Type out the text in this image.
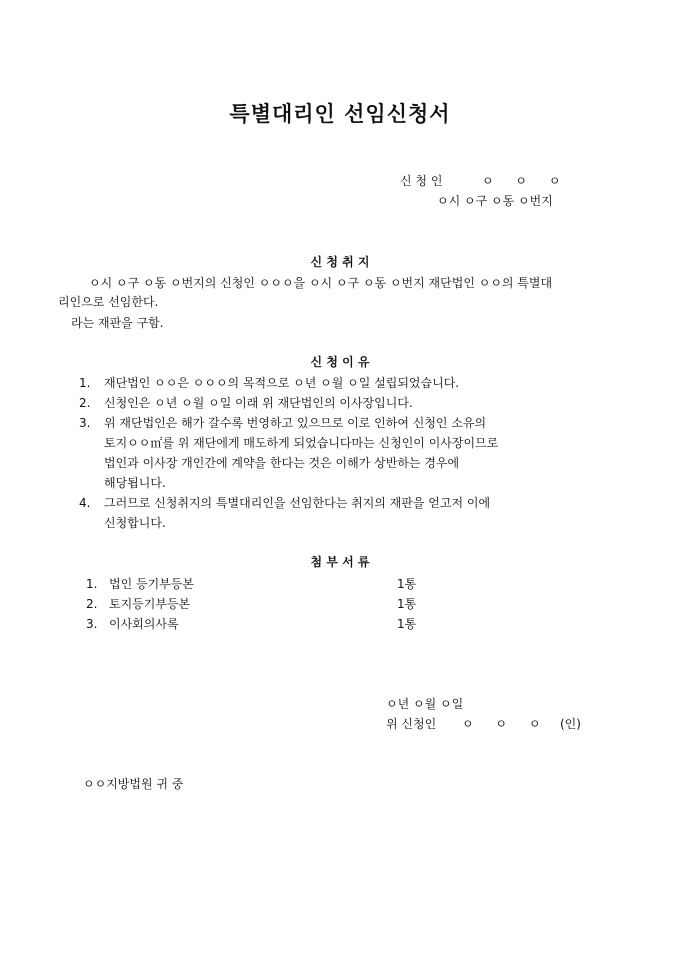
특별대리인 선임신청서
신 청 인	ㅇ ㅇ ㅇ
ㅇ시 ㅇ구 ㅇ동 ㅇ번지
신 청 취 지
ㅇ시 ㅇ구 ㅇ동 ㅇ번지의 신청인 ㅇㅇㅇ을 ㅇ시 ㅇ구 ㅇ동 ㅇ번지 재단법인 ㅇㅇ의 특별대
리인으로 선임한다.
라는 재판을 구함.
신 청 이 유
1. 재단법인 ㅇㅇ은 ㅇㅇㅇ의 목적으로 ㅇ년 ㅇ월 ㅇ일 설립되었습니다.
2. 신청인은 ㅇ년 ㅇ월 ㅇ일 이래 위 재단법인의 이사장입니다.
3. 위 재단법인은 해가 갈수록 번영하고 있으므로 이로 인하여 신청인 소유의
토지ㅇㅇ㎡를 위 재단에게 매도하게 되었습니다마는 신청인이 이사장이므로
법인과 이사장 개인간에 계약을 한다는 것은 이해가 상반하는 경우에
해당됩니다.
4. 그러므로 신청취지의 특별대리인을 선임한다는 취지의 재판을 얻고저 이에
신청합니다.
첨 부 서 류
1. 법인 등기부등본	1통
2. 토지등기부등본	1통
3. 이사회의사록	1통
ㅇ년 ㅇ월 ㅇ일
위 신청인 ㅇ ㅇ ㅇ (인)
ㅇㅇ지방법원 귀 중
